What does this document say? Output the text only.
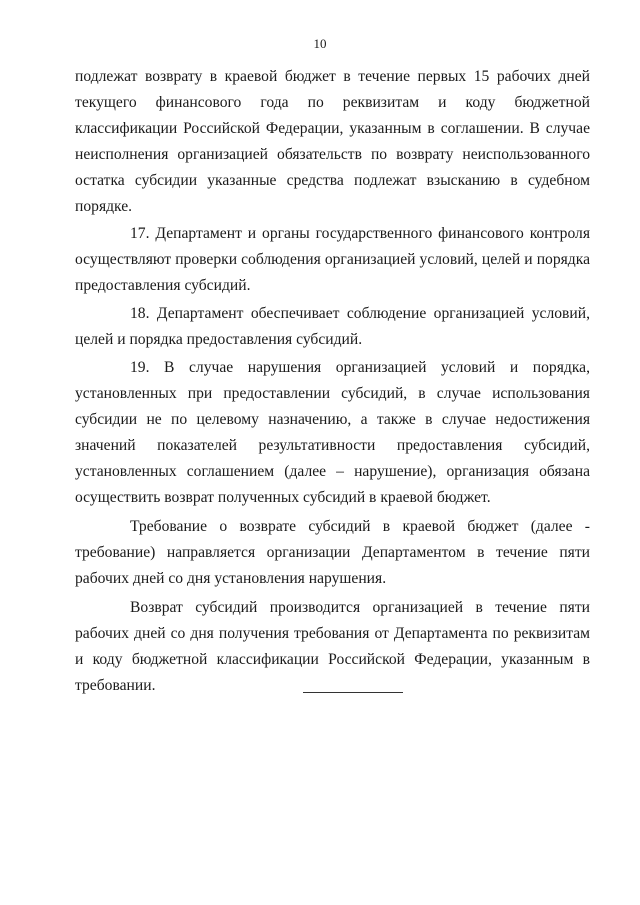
10

подлежат возврату в краевой бюджет в течение первых 15 рабочих дней текущего финансового года по реквизитам и коду бюджетной классификации Российской Федерации, указанным в соглашении. В случае неисполнения организацией обязательств по возврату неиспользованного остатка субсидии указанные средства подлежат взысканию в судебном порядке.

17. Департамент и органы государственного финансового контроля осуществляют проверки соблюдения организацией условий, целей и порядка предоставления субсидий.

18. Департамент обеспечивает соблюдение организацией условий, целей и порядка предоставления субсидий.

19. В случае нарушения организацией условий и порядка, установленных при предоставлении субсидий, в случае использования субсидии не по целевому назначению, а также в случае недостижения значений показателей результативности предоставления субсидий, установленных соглашением (далее – нарушение), организация обязана осуществить возврат полученных субсидий в краевой бюджет.

Требование о возврате субсидий в краевой бюджет (далее - требование) направляется организации Департаментом в течение пяти рабочих дней со дня установления нарушения.

Возврат субсидий производится организацией в течение пяти рабочих дней со дня получения требования от Департамента по реквизитам и коду бюджетной классификации Российской Федерации, указанным в требовании.
